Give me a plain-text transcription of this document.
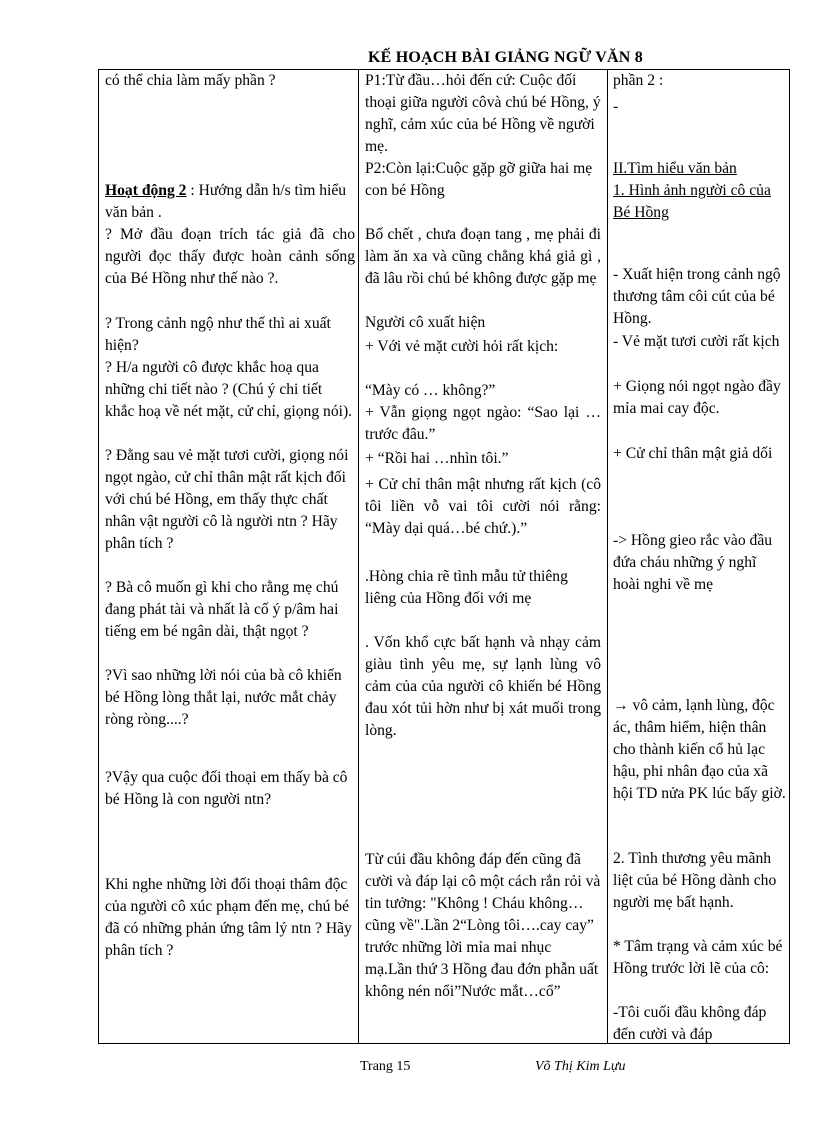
KẾ HOẠCH BÀI GIẢNG NGỮ VĂN 8
có thể chia làm mấy phần ?
Hoạt động 2 : Hướng dẫn h/s tìm hiểu văn bản .
? Mở đầu đoạn trích tác giả đã cho người đọc thấy được hoàn cảnh sống của Bé Hồng như thế nào ?.
? Trong cảnh ngộ như thế thì ai xuất hiện?
? H/a người cô được khắc hoạ qua những chi tiết nào ? (Chú ý chi tiết khắc hoạ về nét mặt, cử chỉ, giọng nói).
? Đằng sau vẻ mặt tươi cười, giọng nói ngọt ngào, cử chỉ thân mật rất kịch đối với chú bé Hồng, em thấy thực chất nhân vật người cô là người ntn ? Hãy phân tích ?
? Bà cô muốn gì khi cho rằng mẹ chú đang phát tài và nhất là cố ý p/âm hai tiếng em bé ngân dài, thật ngọt ?
?Vì sao những lời nói của bà cô khiến bé Hồng lòng thắt lại, nước mắt chảy ròng ròng....?
?Vậy qua cuộc đối thoại em thấy bà cô bé Hồng là con người ntn?
Khi nghe những lời đối thoại thâm độc của người cô xúc phạm đến mẹ, chú bé đã có những phản ứng tâm lý ntn ? Hãy phân tích ?
P1:Từ đầu…hỏi đến cứ: Cuộc đối thoại giữa người côvà chú bé Hồng, ý nghĩ, cảm xúc của bé Hồng về người mẹ.
P2:Còn lại:Cuộc gặp gỡ giữa hai mẹ con bé Hồng
Bố chết , chưa đoạn tang , mẹ phải đi làm ăn xa và cũng chẳng khá giả gì , đã lâu rồi chú bé không được gặp mẹ
Người cô xuất hiện
+ Với vẻ mặt cười hỏi rất kịch:
“Mày có … không?”
+ Vẫn giọng ngọt ngào: “Sao lại … trước đâu.”
+ “Rồi hai …nhìn tôi.”
+ Cử chỉ thân mật nhưng rất kịch (cô tôi liền vỗ vai tôi cười nói rằng: “Mày dại quá…bé chứ.).”
.Hòng chia rẽ tình mẫu tử thiêng liêng của Hồng đối với mẹ
. Vốn khổ cực bất hạnh và nhạy cảm giàu tình yêu mẹ, sự lạnh lùng vô cảm của của người cô khiến bé Hồng đau xót tủi hờn như bị xát muối trong lòng.
Từ cúi đầu không đáp đến cũng đã cười và đáp lại cô một cách rắn rỏi và tin tưởng: "Không ! Cháu không… cũng về".Lần 2“Lòng tôi….cay cay” trước những lời mỉa mai nhục mạ.Lần thứ 3 Hồng đau đớn phẫn uất không nén nổi”Nước mắt…cổ”
phần 2 :
-
II.Tìm hiểu văn bản
1. Hình ảnh người cô của Bé Hồng
- Xuất hiện trong cảnh ngộ thương tâm côi cút của bé Hồng.
- Vẻ mặt tươi cười rất kịch
+ Giọng nói ngọt ngào đầy mỉa mai cay độc.
+ Cử chỉ thân mật giả dối
-> Hồng gieo rắc vào đầu đứa cháu những ý nghĩ hoài nghi về mẹ
→ vô cảm, lạnh lùng, độc ác, thâm hiểm, hiện thân cho thành kiến cổ hủ lạc hậu, phi nhân đạo của xã hội TD nửa PK lúc bấy giờ.
2. Tình thương yêu mãnh liệt của bé Hồng dành cho người mẹ bất hạnh.
* Tâm trạng và cảm xúc bé Hồng trước lời lẽ của cô:
-Tôi cuối đầu không đáp đến cười và đáp
Trang 15	Võ Thị Kim Lựu
